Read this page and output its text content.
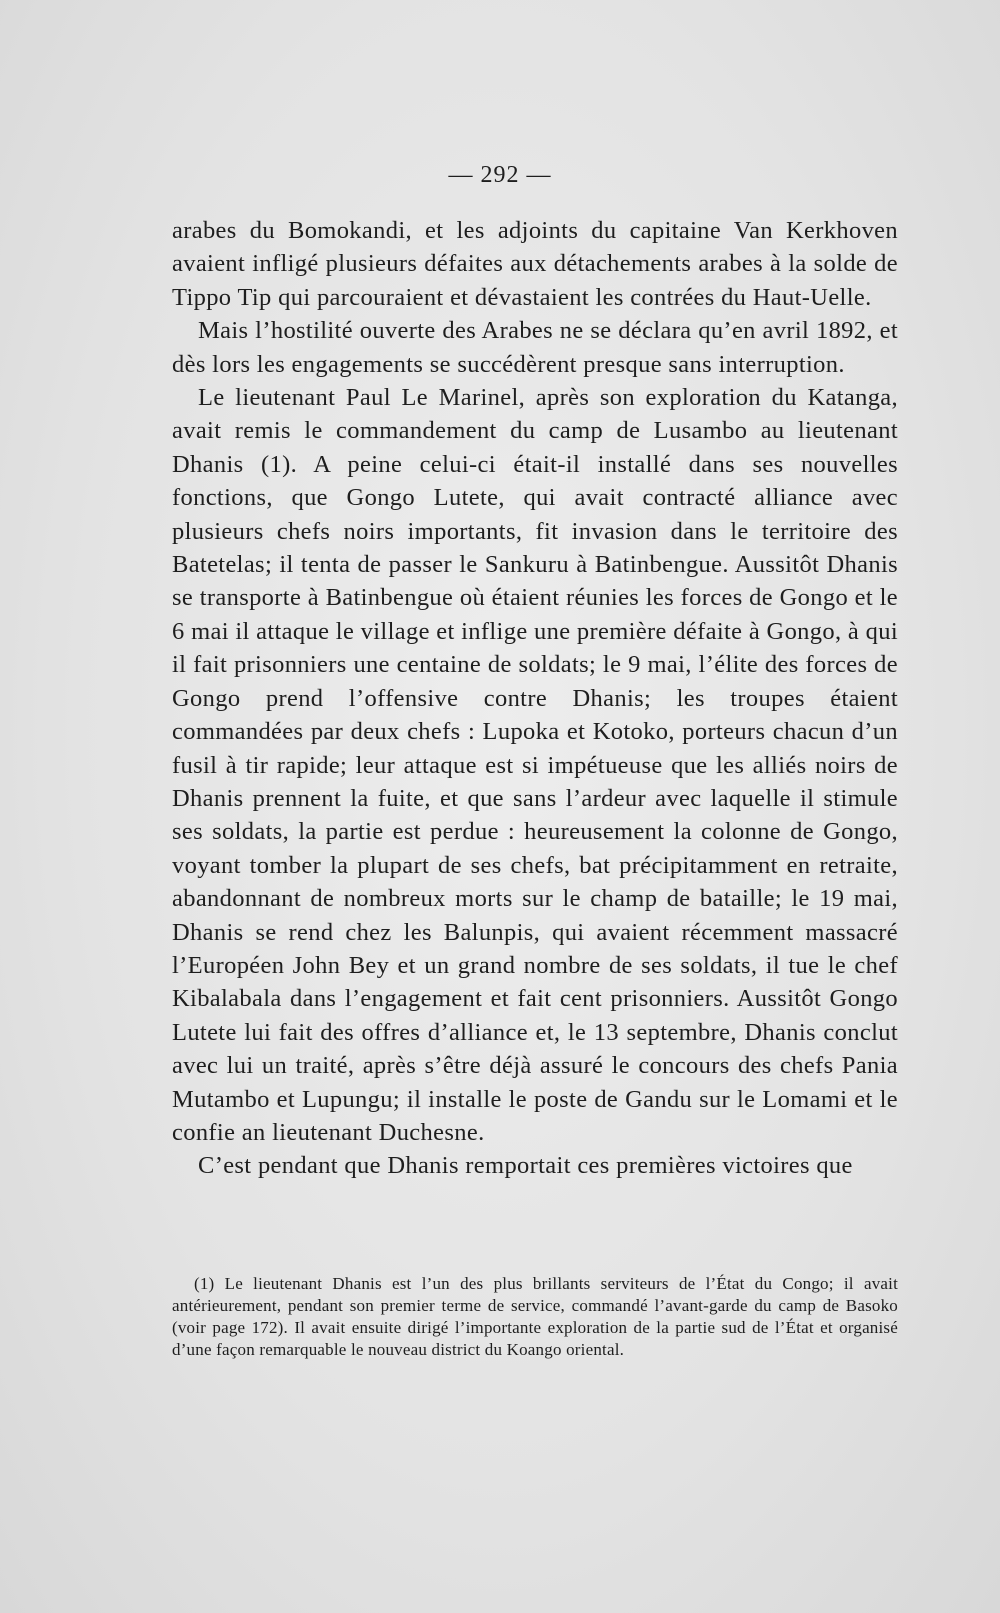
— 292 —

arabes du Bomokandi, et les adjoints du capitaine Van Kerkhoven avaient infligé plusieurs défaites aux détachements arabes à la solde de Tippo Tip qui parcouraient et dévastaient les contrées du Haut-Uelle.

Mais l’hostilité ouverte des Arabes ne se déclara qu’en avril 1892, et dès lors les engagements se succédèrent presque sans interruption.

Le lieutenant Paul Le Marinel, après son exploration du Katanga, avait remis le commandement du camp de Lusambo au lieutenant Dhanis (1). A peine celui-ci était-il installé dans ses nouvelles fonctions, que Gongo Lutete, qui avait contracté alliance avec plusieurs chefs noirs importants, fit invasion dans le territoire des Batetelas; il tenta de passer le Sankuru à Batinbengue. Aussitôt Dhanis se transporte à Batinbengue où étaient réunies les forces de Gongo et le 6 mai il attaque le village et inflige une première défaite à Gongo, à qui il fait prisonniers une centaine de soldats; le 9 mai, l’élite des forces de Gongo prend l’offensive contre Dhanis; les troupes étaient commandées par deux chefs : Lupoka et Kotoko, porteurs chacun d’un fusil à tir rapide; leur attaque est si impétueuse que les alliés noirs de Dhanis prennent la fuite, et que sans l’ardeur avec laquelle il stimule ses soldats, la partie est perdue : heureusement la colonne de Gongo, voyant tomber la plupart de ses chefs, bat précipitamment en retraite, abandonnant de nombreux morts sur le champ de bataille; le 19 mai, Dhanis se rend chez les Balunpis, qui avaient récemment massacré l’Européen John Bey et un grand nombre de ses soldats, il tue le chef Kibalabala dans l’engagement et fait cent prisonniers. Aussitôt Gongo Lutete lui fait des offres d’alliance et, le 13 septembre, Dhanis conclut avec lui un traité, après s’être déjà assuré le concours des chefs Pania Mutambo et Lupungu; il installe le poste de Gandu sur le Lomami et le confie an lieutenant Duchesne.

C’est pendant que Dhanis remportait ces premières victoires que

(1) Le lieutenant Dhanis est l’un des plus brillants serviteurs de l’État du Congo; il avait antérieurement, pendant son premier terme de service, commandé l’avant-garde du camp de Basoko (voir page 172). Il avait ensuite dirigé l’importante exploration de la partie sud de l’État et organisé d’une façon remarquable le nouveau district du Koango oriental.
